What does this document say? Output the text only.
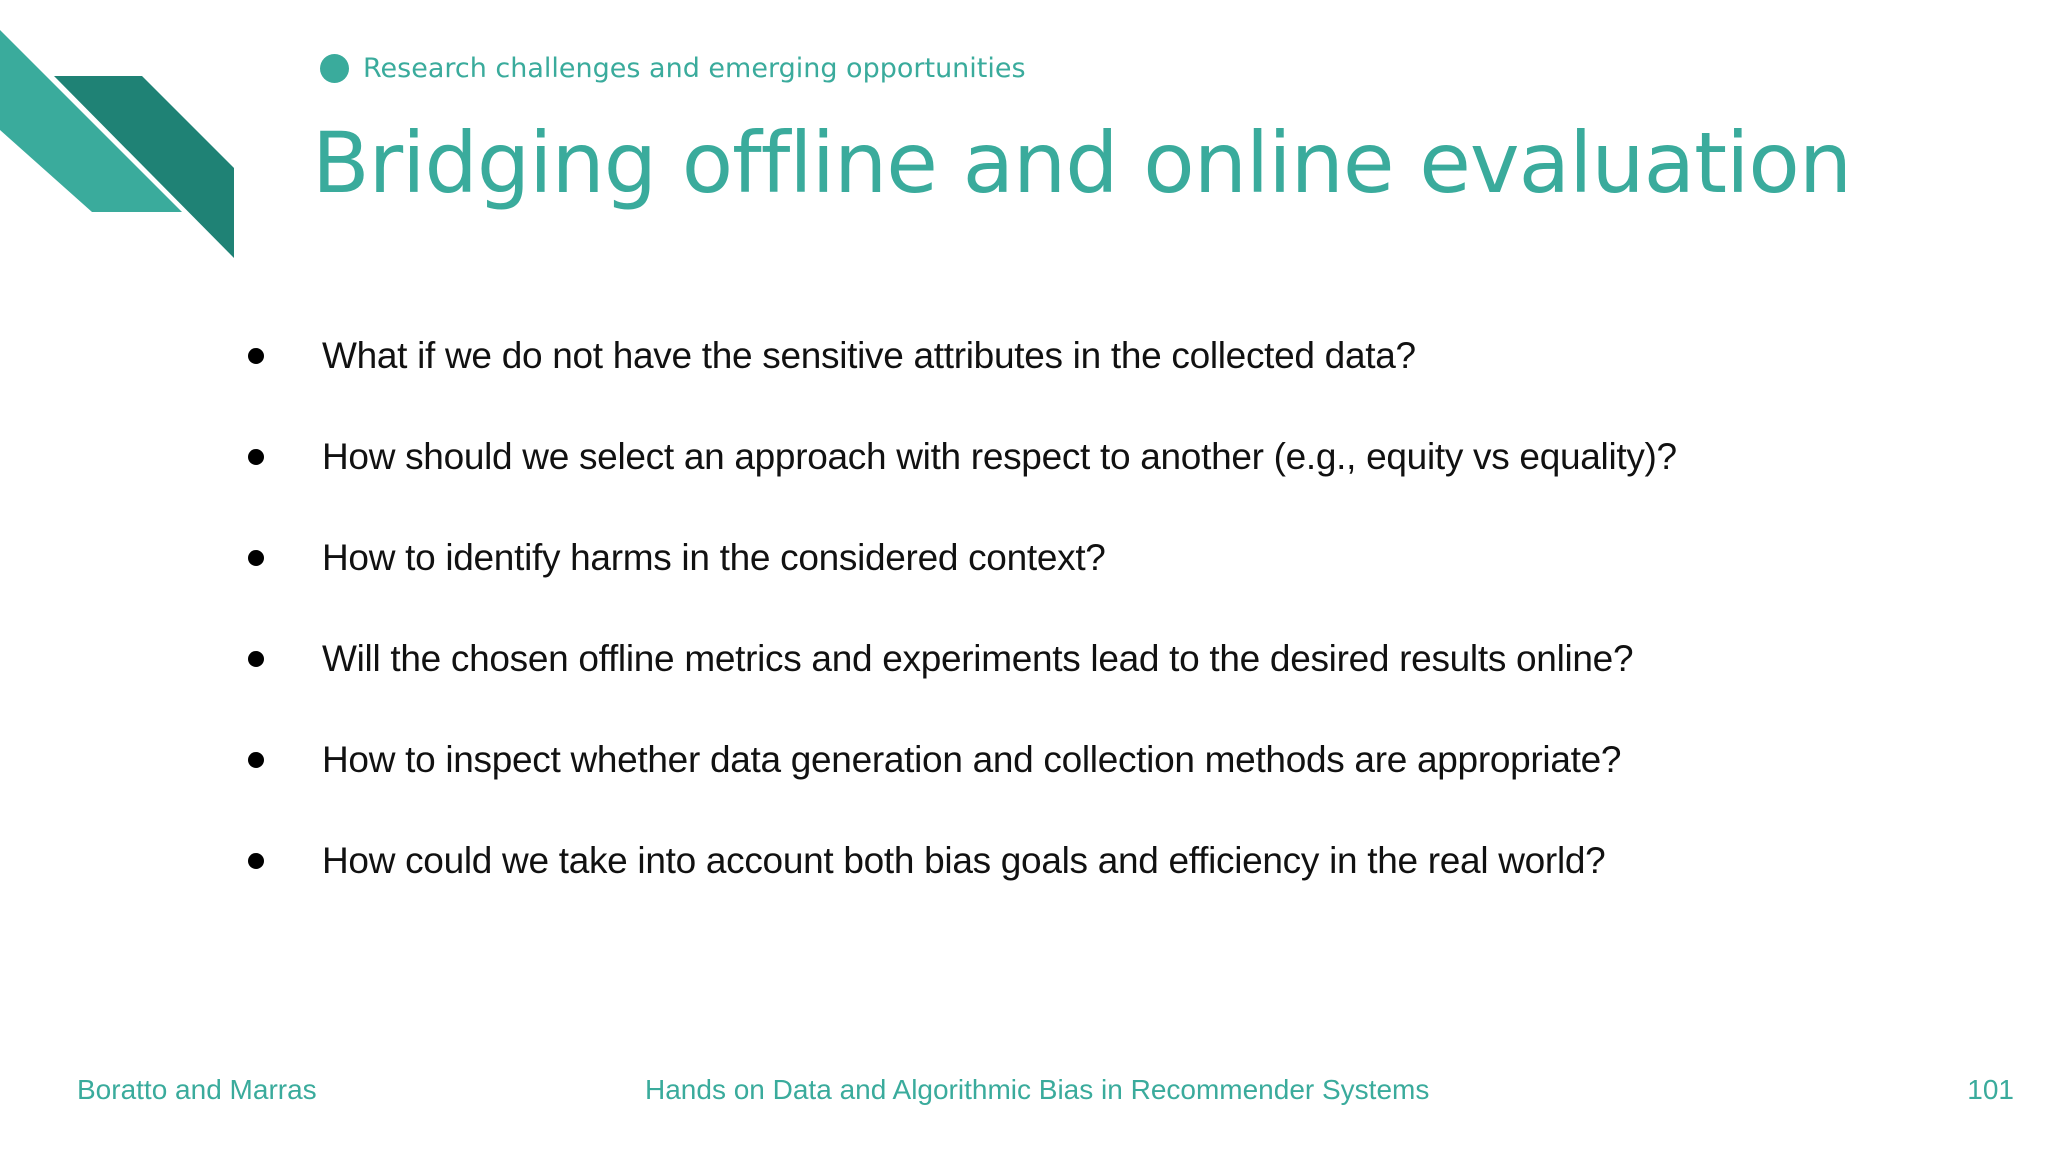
Research challenges and emerging opportunities
Bridging offline and online evaluation
What if we do not have the sensitive attributes in the collected data?
How should we select an approach with respect to another (e.g., equity vs equality)?
How to identify harms in the considered context?
Will the chosen offline metrics and experiments lead to the desired results online?
How to inspect whether data generation and collection methods are appropriate?
How could we take into account both bias goals and efficiency in the real world?
Boratto and Marras	Hands on Data and Algorithmic Bias in Recommender Systems	101
